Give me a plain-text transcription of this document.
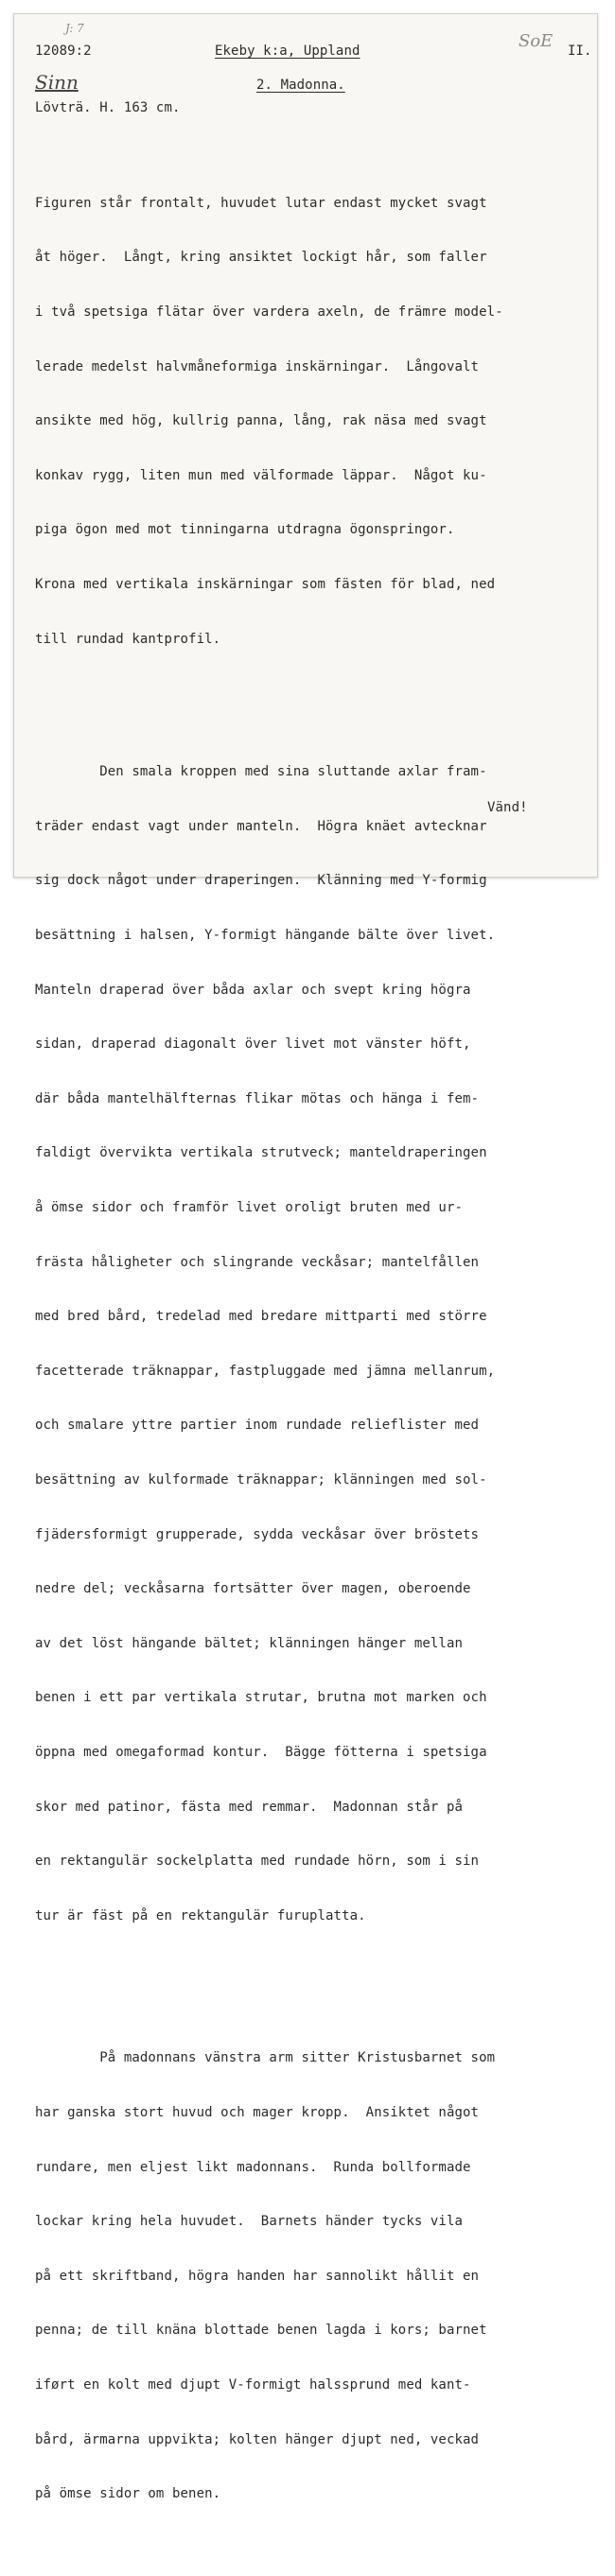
J: 7
SoE
12089:2	Ekeby k:a, Uppland	II.
Sinn	2. Madonna.
Lövträ. H. 163 cm.

Figuren står frontalt, huvudet lutar endast mycket svagt

åt höger.  Långt, kring ansiktet lockigt hår, som faller

i två spetsiga flätar över vardera axeln, de främre model-

lerade medelst halvmåneformiga inskärningar.  Långovalt

ansikte med hög, kullrig panna, lång, rak näsa med svagt

konkav rygg, liten mun med välformade läppar.  Något ku-

piga ögon med mot tinningarna utdragna ögonspringor.

Krona med vertikala inskärningar som fästen för blad, ned

till rundad kantprofil.

Den smala kroppen med sina sluttande axlar fram-

träder endast vagt under manteln.  Högra knäet avtecknar

sig dock något under draperingen.  Klänning med Y-formig

besättning i halsen, Y-formigt hängande bälte över livet.

Manteln draperad över båda axlar och svept kring högra

sidan, draperad diagonalt över livet mot vänster höft,

där båda mantelhälfternas flikar mötas och hänga i fem-

faldigt övervikta vertikala strutveck; manteldraperingen

å ömse sidor och framför livet oroligt bruten med ur-

frästa håligheter och slingrande veckåsar; mantelfållen

med bred bård, tredelad med bredare mittparti med större

facetterade träknappar, fastpluggade med jämna mellanrum,

och smalare yttre partier inom rundade relieflister med

besättning av kulformade träknappar; klänningen med sol-

fjädersformigt grupperade, sydda veckåsar över bröstets

nedre del; veckåsarna fortsätter över magen, oberoende

av det löst hängande bältet; klänningen hänger mellan

benen i ett par vertikala strutar, brutna mot marken och

öppna med omegaformad kontur.  Bägge fötterna i spetsiga

skor med patinor, fästa med remmar.  Madonnan står på

en rektangulär sockelplatta med rundade hörn, som i sin

tur är fäst på en rektangulär furuplatta.

På madonnans vänstra arm sitter Kristusbarnet som

har ganska stort huvud och mager kropp.  Ansiktet något

rundare, men eljest likt madonnans.  Runda bollformade

lockar kring hela huvudet.  Barnets händer tycks vila

på ett skriftband, högra handen har sannolikt hållit en

penna; de till knäna blottade benen lagda i kors; barnet

iført en kolt med djupt V-formigt halssprund med kant-

bård, ärmarna uppvikta; kolten hänger djupt ned, veckad

på ömse sidor om benen.

Vänd!
